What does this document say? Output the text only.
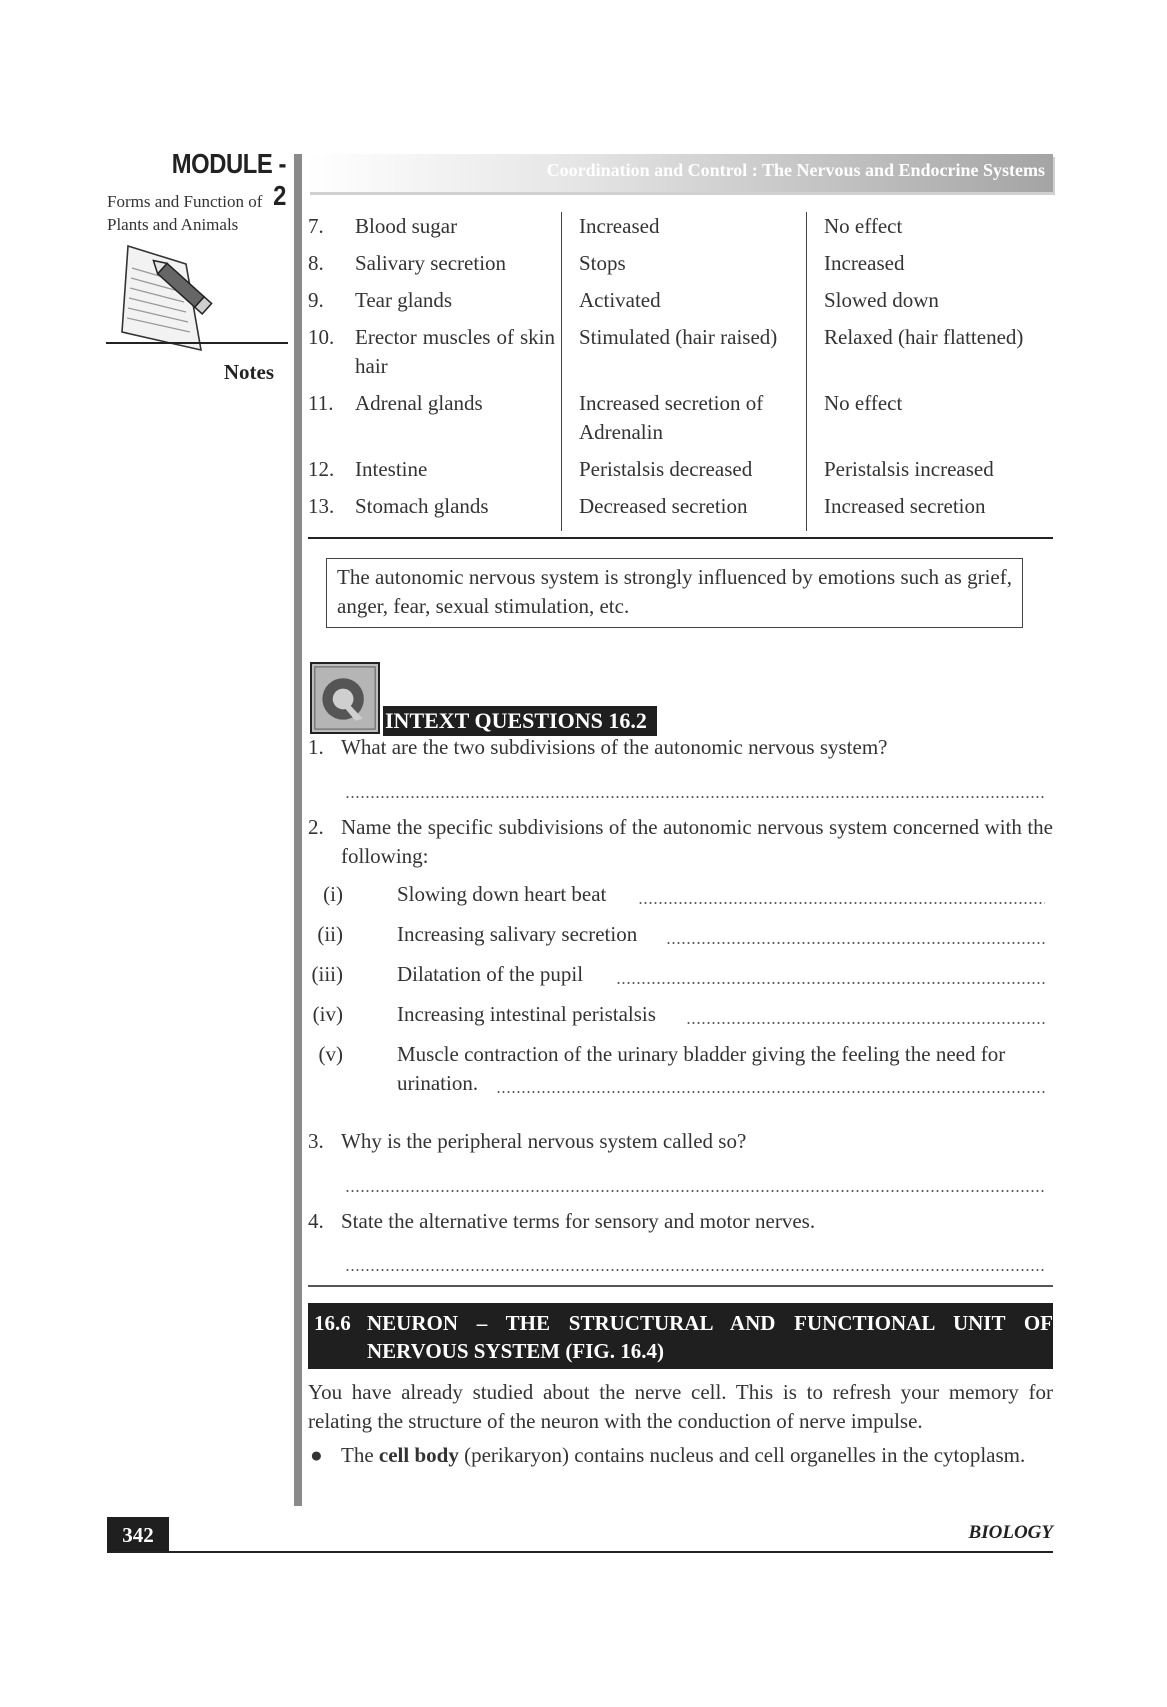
MODULE - 2
Forms and Function of
Plants and Animals
Notes
Coordination and Control : The Nervous and Endocrine Systems
7.	Blood sugar	Increased	No effect
8.	Salivary secretion	Stops	Increased
9.	Tear glands	Activated	Slowed down
10.	Erector muscles of skin hair	Stimulated (hair raised)	Relaxed (hair flattened)
11.	Adrenal glands	Increased secretion of Adrenalin	No effect
12.	Intestine	Peristalsis decreased	Peristalsis increased
13.	Stomach glands	Decreased secretion	Increased secretion
The autonomic nervous system is strongly influenced by emotions such as grief, anger, fear, sexual stimulation, etc.
INTEXT QUESTIONS 16.2
1. What are the two subdivisions of the autonomic nervous system?
2. Name the specific subdivisions of the autonomic nervous system concerned with the following:
(i)	Slowing down heart beat
(ii)	Increasing salivary secretion
(iii)	Dilatation of the pupil
(iv)	Increasing intestinal peristalsis
(v)	Muscle contraction of the urinary bladder giving the feeling the need for
urination.
3. Why is the peripheral nervous system called so?
4. State the alternative terms for sensory and motor nerves.
16.6 NEURON – THE STRUCTURAL AND FUNCTIONAL UNIT OF
NERVOUS SYSTEM (FIG. 16.4)
You have already studied about the nerve cell. This is to refresh your memory for relating the structure of the neuron with the conduction of nerve impulse.
● The cell body (perikaryon) contains nucleus and cell organelles in the cytoplasm.
342	BIOLOGY
